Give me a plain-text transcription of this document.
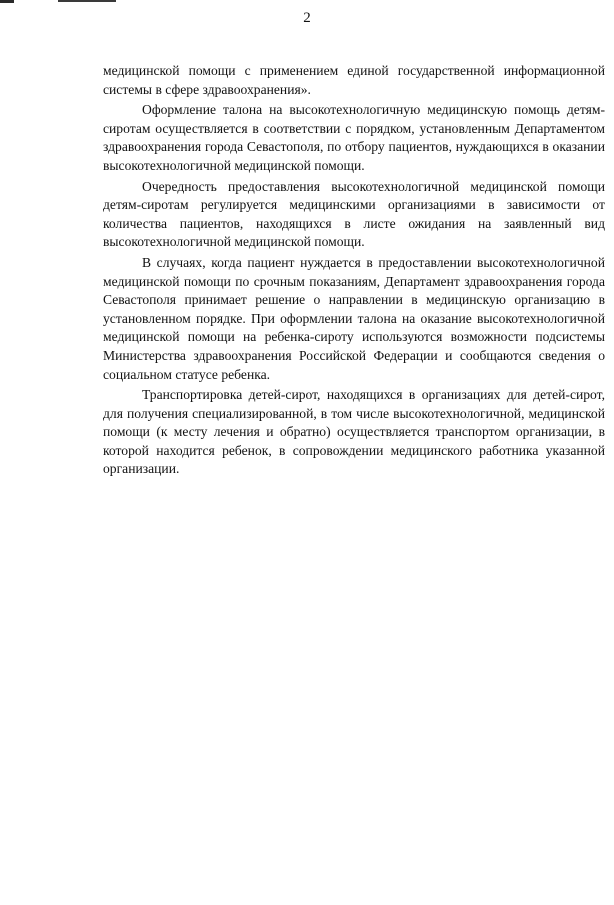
2

медицинской помощи с применением единой государственной информационной системы в сфере здравоохранения».

Оформление талона на высокотехнологичную медицинскую помощь детям-сиротам осуществляется в соответствии с порядком, установленным Департаментом здравоохранения города Севастополя, по отбору пациентов, нуждающихся в оказании высокотехнологичной медицинской помощи.

Очередность предоставления высокотехнологичной медицинской помощи детям-сиротам регулируется медицинскими организациями в зависимости от количества пациентов, находящихся в листе ожидания на заявленный вид высокотехнологичной медицинской помощи.

В случаях, когда пациент нуждается в предоставлении высокотехнологичной медицинской помощи по срочным показаниям, Департамент здравоохранения города Севастополя принимает решение о направлении в медицинскую организацию в установленном порядке. При оформлении талона на оказание высокотехнологичной медицинской помощи на ребенка-сироту используются возможности подсистемы Министерства здравоохранения Российской Федерации и сообщаются сведения о социальном статусе ребенка.

Транспортировка детей-сирот, находящихся в организациях для детей-сирот, для получения специализированной, в том числе высокотехнологичной, медицинской помощи (к месту лечения и обратно) осуществляется транспортом организации, в которой находится ребенок, в сопровождении медицинского работника указанной организации.
